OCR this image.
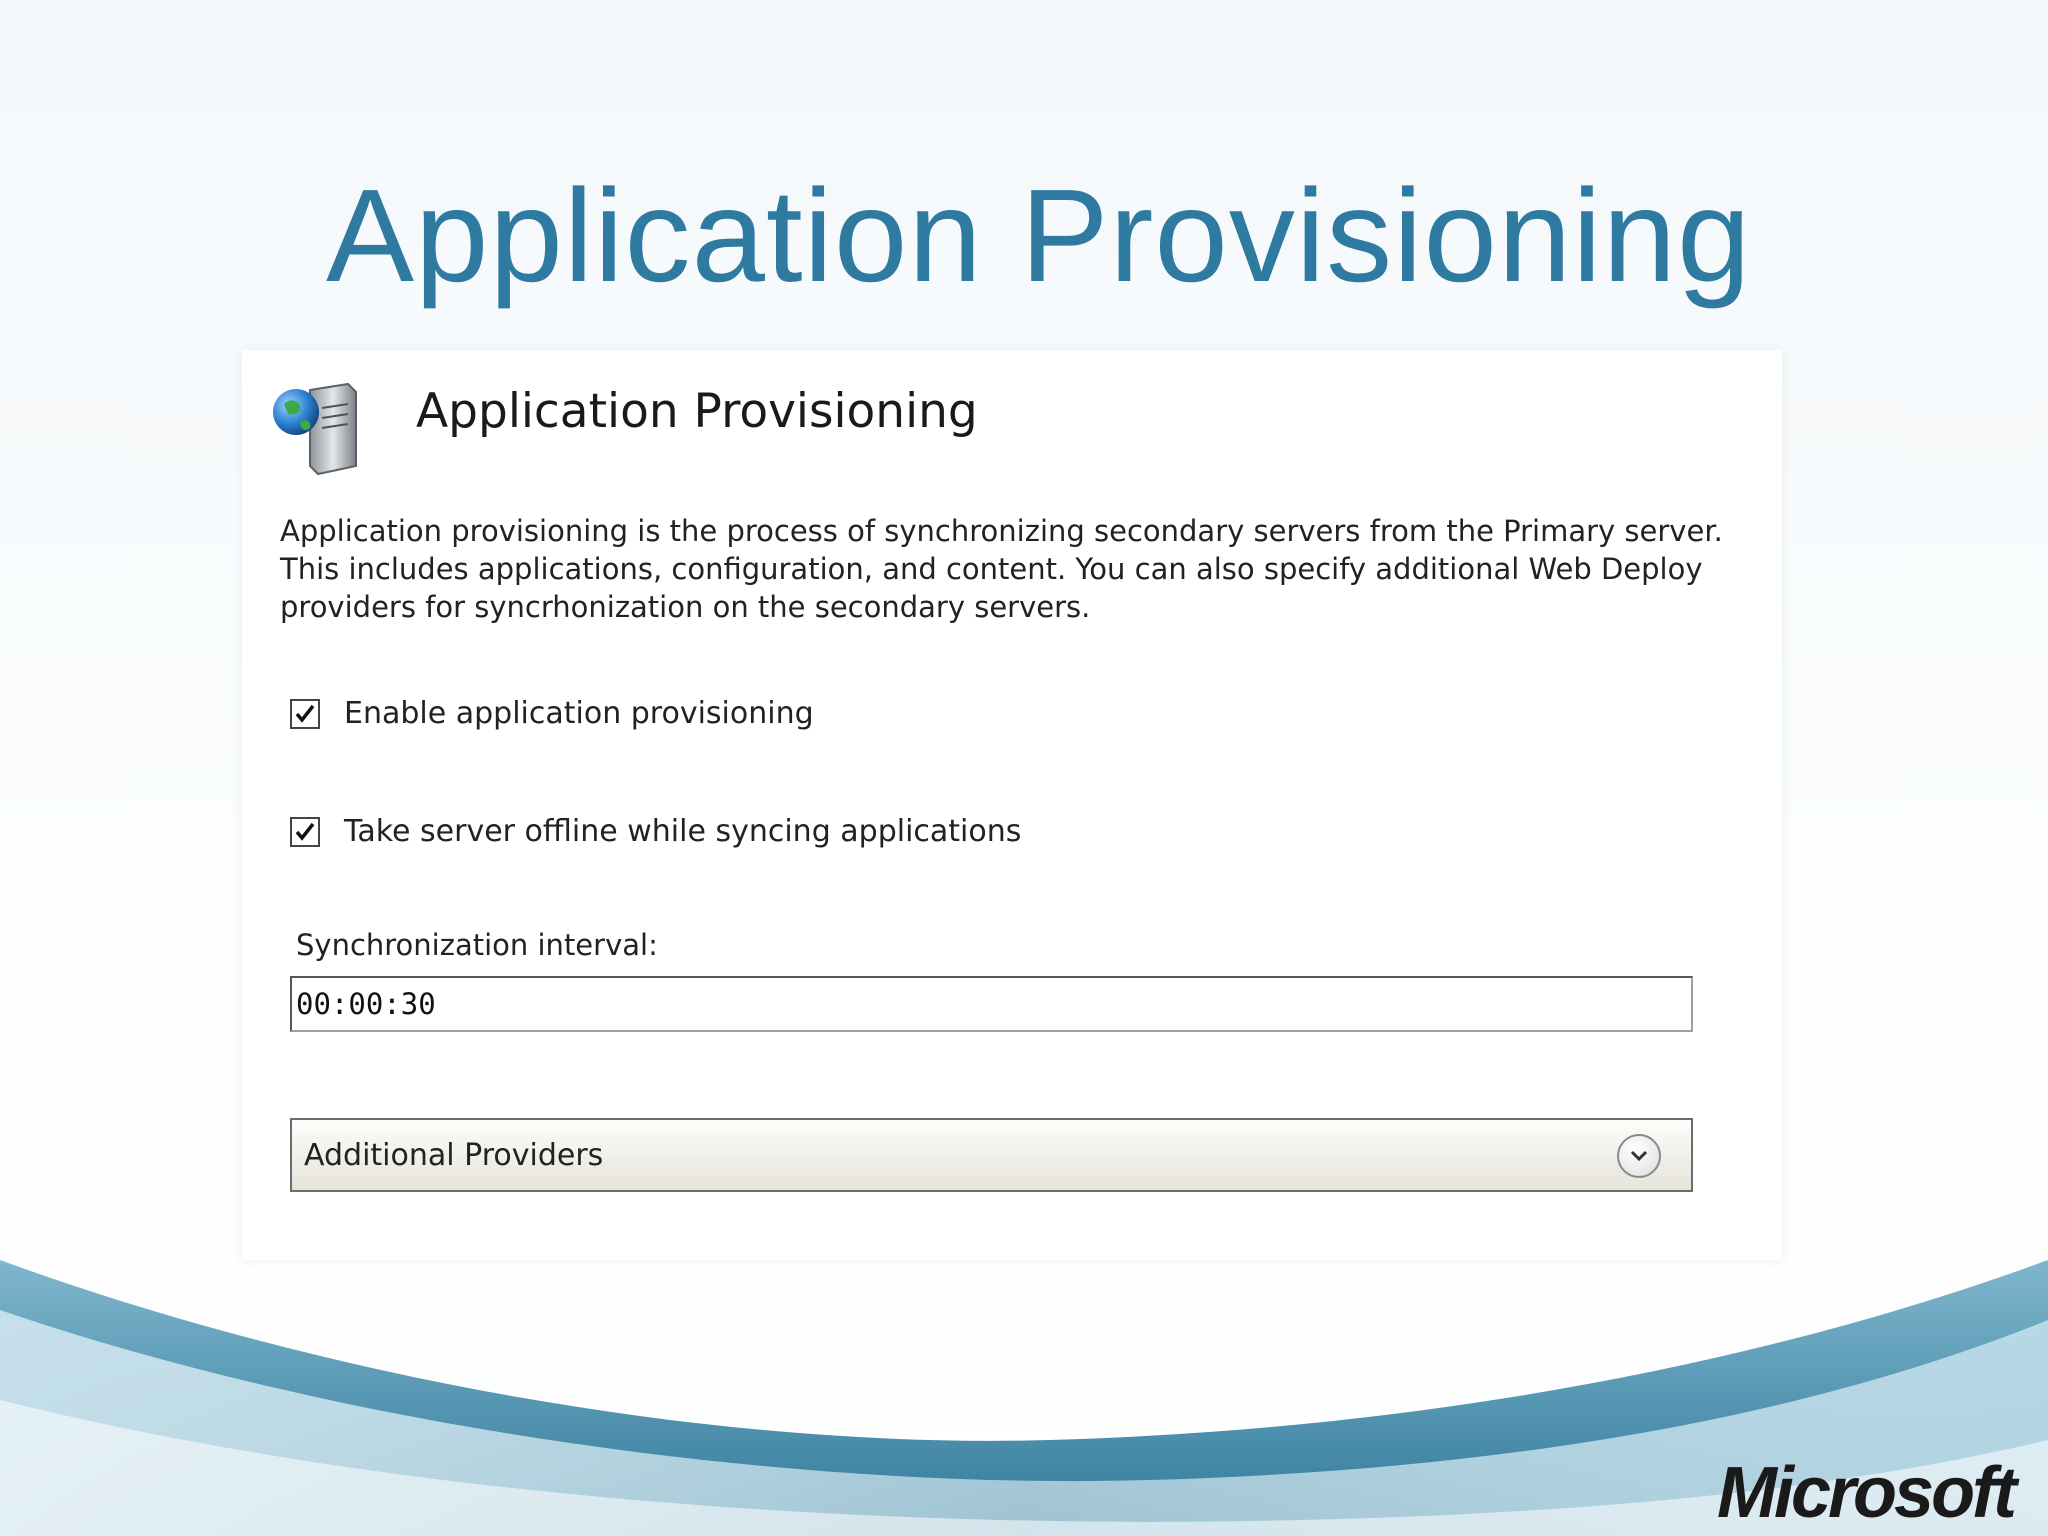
Application Provisioning
Application Provisioning
Application provisioning is the process of synchronizing secondary servers from the Primary server. This includes applications, configuration, and content. You can also specify additional Web Deploy providers for syncrhonization on the secondary servers.
Enable application provisioning
Take server offline while syncing applications
Synchronization interval:
00:00:30
Additional Providers
Microsoft
